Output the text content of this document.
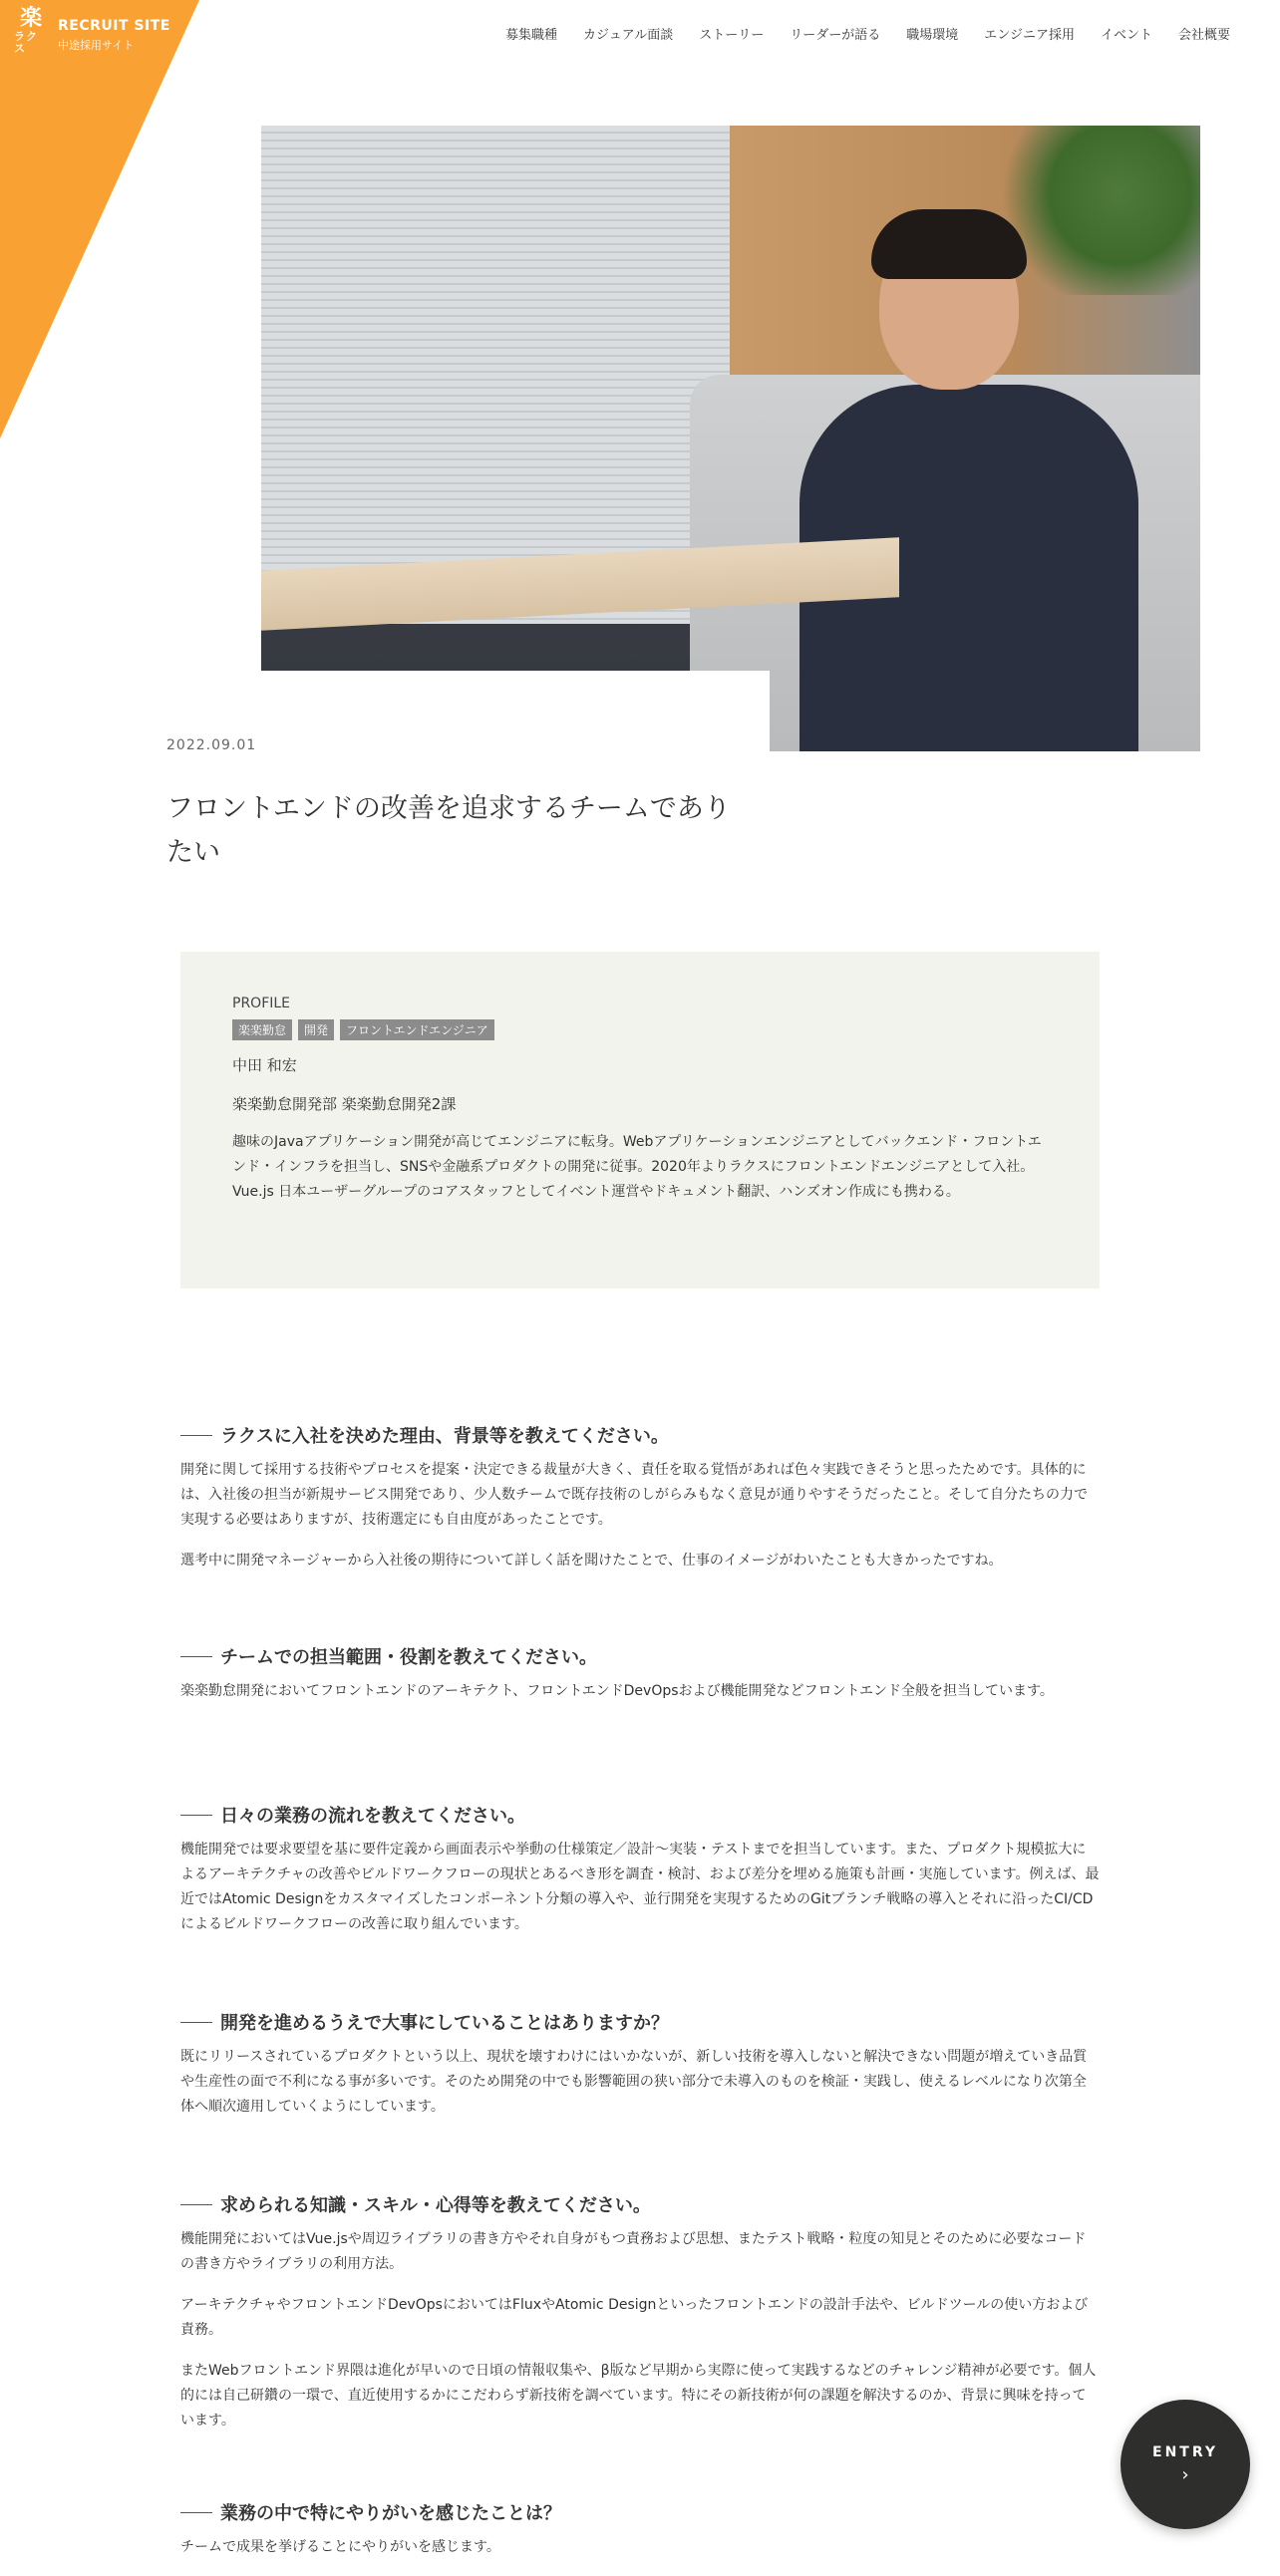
楽
ラクス
RECRUIT SITE
中途採用サイト
募集職種 カジュアル面談 ストーリー リーダーが語る 職場環境 エンジニア採用 イベント 会社概要
2022.09.01
フロントエンドの改善を追求するチームでありたい
PROFILE
楽楽勤怠	開発	フロントエンドエンジニア
中田 和宏
楽楽勤怠開発部 楽楽勤怠開発2課
趣味のJavaアプリケーション開発が高じてエンジニアに転身。Webアプリケーションエンジニアとしてバックエンド・フロントエンド・インフラを担当し、SNSや金融系プロダクトの開発に従事。2020年よりラクスにフロントエンドエンジニアとして入社。Vue.js 日本ユーザーグループのコアスタッフとしてイベント運営やドキュメント翻訳、ハンズオン作成にも携わる。
ラクスに入社を決めた理由、背景等を教えてください。

開発に関して採用する技術やプロセスを提案・決定できる裁量が大きく、責任を取る覚悟があれば色々実践できそうと思ったためです。具体的には、入社後の担当が新規サービス開発であり、少人数チームで既存技術のしがらみもなく意見が通りやすそうだったこと。そして自分たちの力で実現する必要はありますが、技術選定にも自由度があったことです。

選考中に開発マネージャーから入社後の期待について詳しく話を聞けたことで、仕事のイメージがわいたことも大きかったですね。

チームでの担当範囲・役割を教えてください。

楽楽勤怠開発においてフロントエンドのアーキテクト、フロントエンドDevOpsおよび機能開発などフロントエンド全般を担当しています。

日々の業務の流れを教えてください。

機能開発では要求要望を基に要件定義から画面表示や挙動の仕様策定／設計〜実装・テストまでを担当しています。また、プロダクト規模拡大によるアーキテクチャの改善やビルドワークフローの現状とあるべき形を調査・検討、および差分を埋める施策も計画・実施しています。例えば、最近ではAtomic Designをカスタマイズしたコンポーネント分類の導入や、並行開発を実現するためのGitブランチ戦略の導入とそれに沿ったCI/CDによるビルドワークフローの改善に取り組んでいます。

開発を進めるうえで大事にしていることはありますか？

既にリリースされているプロダクトという以上、現状を壊すわけにはいかないが、新しい技術を導入しないと解決できない問題が増えていき品質や生産性の面で不利になる事が多いです。そのため開発の中でも影響範囲の狭い部分で未導入のものを検証・実践し、使えるレベルになり次第全体へ順次適用していくようにしています。

求められる知識・スキル・心得等を教えてください。

機能開発においてはVue.jsや周辺ライブラリの書き方やそれ自身がもつ責務および思想、またテスト戦略・粒度の知見とそのために必要なコードの書き方やライブラリの利用方法。

アーキテクチャやフロントエンドDevOpsにおいてはFluxやAtomic Designといったフロントエンドの設計手法や、ビルドツールの使い方および責務。

またWebフロントエンド界隈は進化が早いので日頃の情報収集や、β版など早期から実際に使って実践するなどのチャレンジ精神が必要です。個人的には自己研鑽の一環で、直近使用するかにこだわらず新技術を調べています。特にその新技術が何の課題を解決するのか、背景に興味を持っています。

業務の中で特にやりがいを感じたことは？

チームで成果を挙げることにやりがいを感じます。

ENTRY
›
